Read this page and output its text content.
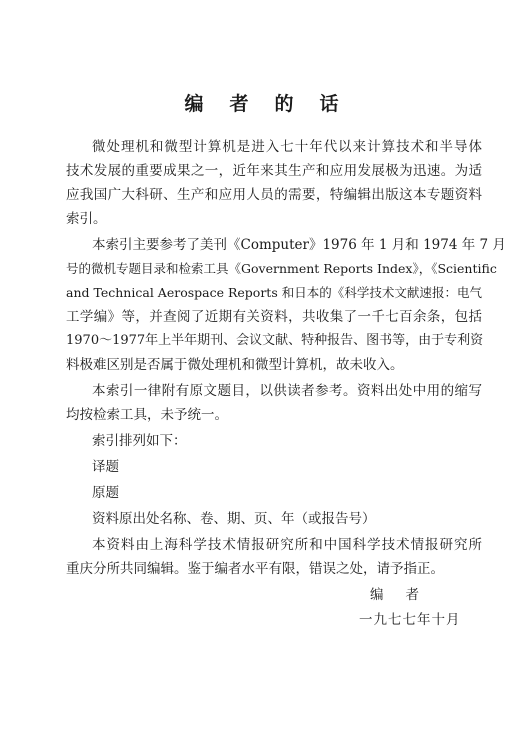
编者的话
微处理机和微型计算机是进入七十年代以来计算技术和半导体
技术发展的重要成果之一，近年来其生产和应用发展极为迅速。为适
应我国广大科研、生产和应用人员的需要，特编辑出版这本专题资料
索引。
本索引主要参考了美刊《Computer》1976 年 1 月和 1974 年 7 月
号的微机专题目录和检索工具《Government Reports Index》，《Scientific
and Technical Aerospace Reports 和日本的《科学技术文献速报：电气
工学编》等，并查阅了近期有关资料，共收集了一千七百余条，包括
1970～1977年上半年期刊、会议文献、特种报告、图书等，由于专利资
料极难区别是否属于微处理机和微型计算机，故未收入。
本索引一律附有原文题目，以供读者参考。资料出处中用的缩写
均按检索工具，未予统一。
索引排列如下：
译题
原题
资料原出处名称、卷、期、页、年（或报告号）
本资料由上海科学技术情报研究所和中国科学技术情报研究所
重庆分所共同编辑。鉴于编者水平有限，错误之处，请予指正。
编者
一九七七年十月
